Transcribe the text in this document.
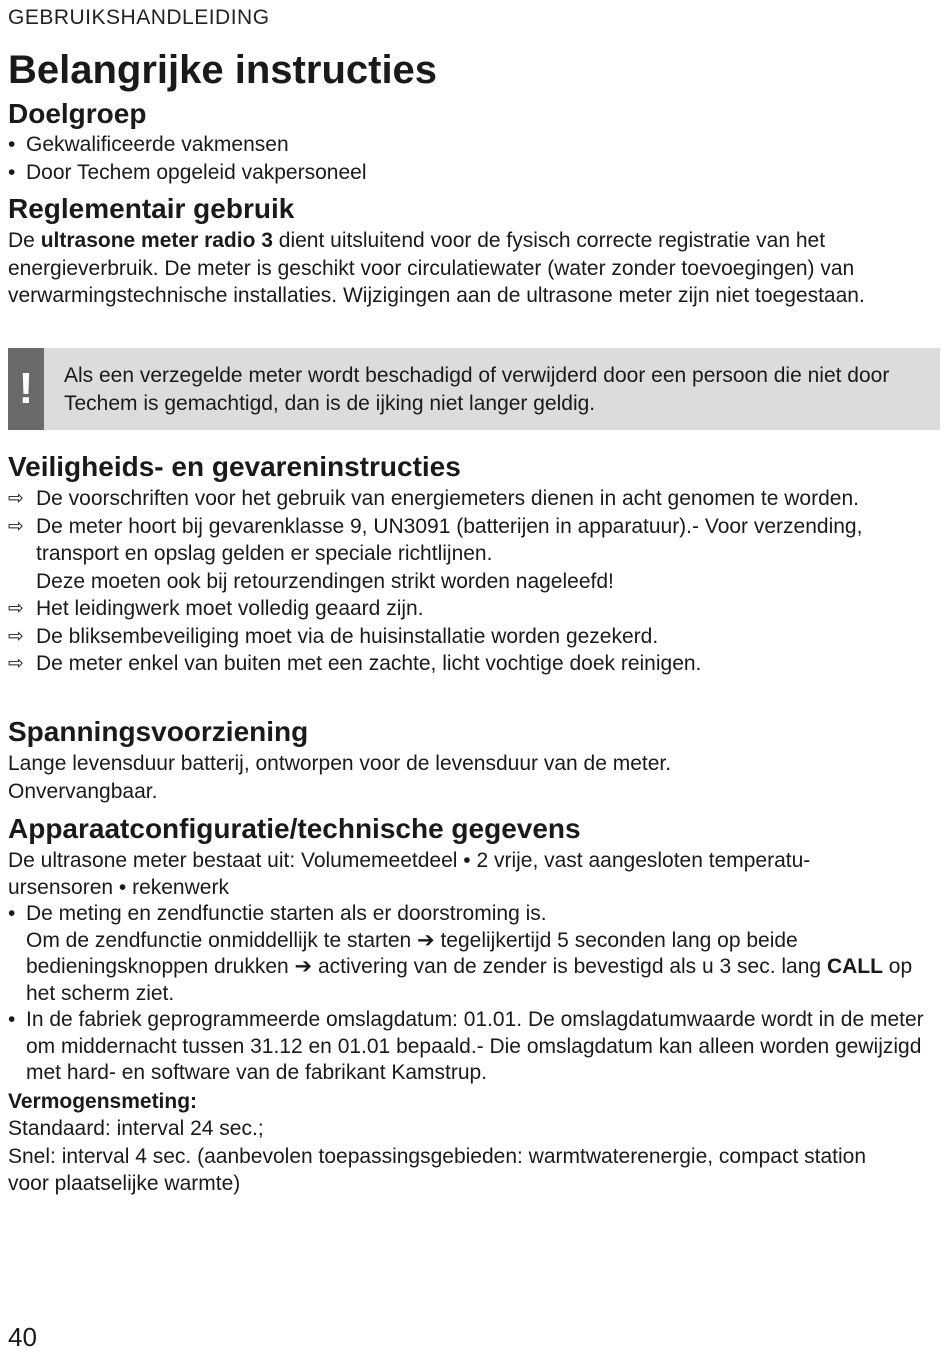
GEBRUIKSHANDLEIDING
Belangrijke instructies
Doelgroep
• Gekwalificeerde vakmensen
• Door Techem opgeleid vakpersoneel
Reglementair gebruik

De ultrasone meter radio 3 dient uitsluitend voor de fysisch correcte registratie van het energieverbruik. De meter is geschikt voor circulatiewater (water zonder toevoegingen) van verwarmingstechnische installaties. Wijzigingen aan de ultrasone meter zijn niet toegestaan.

!	Als een verzegelde meter wordt beschadigd of verwijderd door een persoon die niet door Techem is gemachtigd, dan is de ijking niet langer geldig.
Veiligheids- en gevareninstructies
⇨ De voorschriften voor het gebruik van energiemeters dienen in acht genomen te worden.
⇨ De meter hoort bij gevarenklasse 9, UN3091 (batterijen in apparatuur).- Voor verzending, transport en opslag gelden er speciale richtlijnen.

Deze moeten ook bij retourzendingen strikt worden nageleefd!

⇨ Het leidingwerk moet volledig geaard zijn.
⇨ De bliksembeveiliging moet via de huisinstallatie worden gezekerd.
⇨ De meter enkel van buiten met een zachte, licht vochtige doek reinigen.
Spanningsvoorziening

Lange levensduur batterij, ontworpen voor de levensduur van de meter.

Onvervangbaar.

Apparaatconfiguratie/technische gegevens

De ultrasone meter bestaat uit: Volumemeetdeel • 2 vrije, vast aangesloten temperatu-ursensoren • rekenwerk

• De meting en zendfunctie starten als er doorstroming is.
Om de zendfunctie onmiddellijk te starten ➔ tegelijkertijd 5 seconden lang op beide bedieningsknoppen drukken ➔ activering van de zender is bevestigd als u 3 sec. lang CALL op het scherm ziet.
• In de fabriek geprogrammeerde omslagdatum: 01.01. De omslagdatumwaarde wordt in de meter om middernacht tussen 31.12 en 01.01 bepaald.- Die omslagdatum kan alleen worden gewijzigd met hard- en software van de fabrikant Kamstrup.

Vermogensmeting:

Standaard: interval 24 sec.;

Snel: interval 4 sec. (aanbevolen toepassingsgebieden: warmtwaterenergie, compact station voor plaatselijke warmte)

40
